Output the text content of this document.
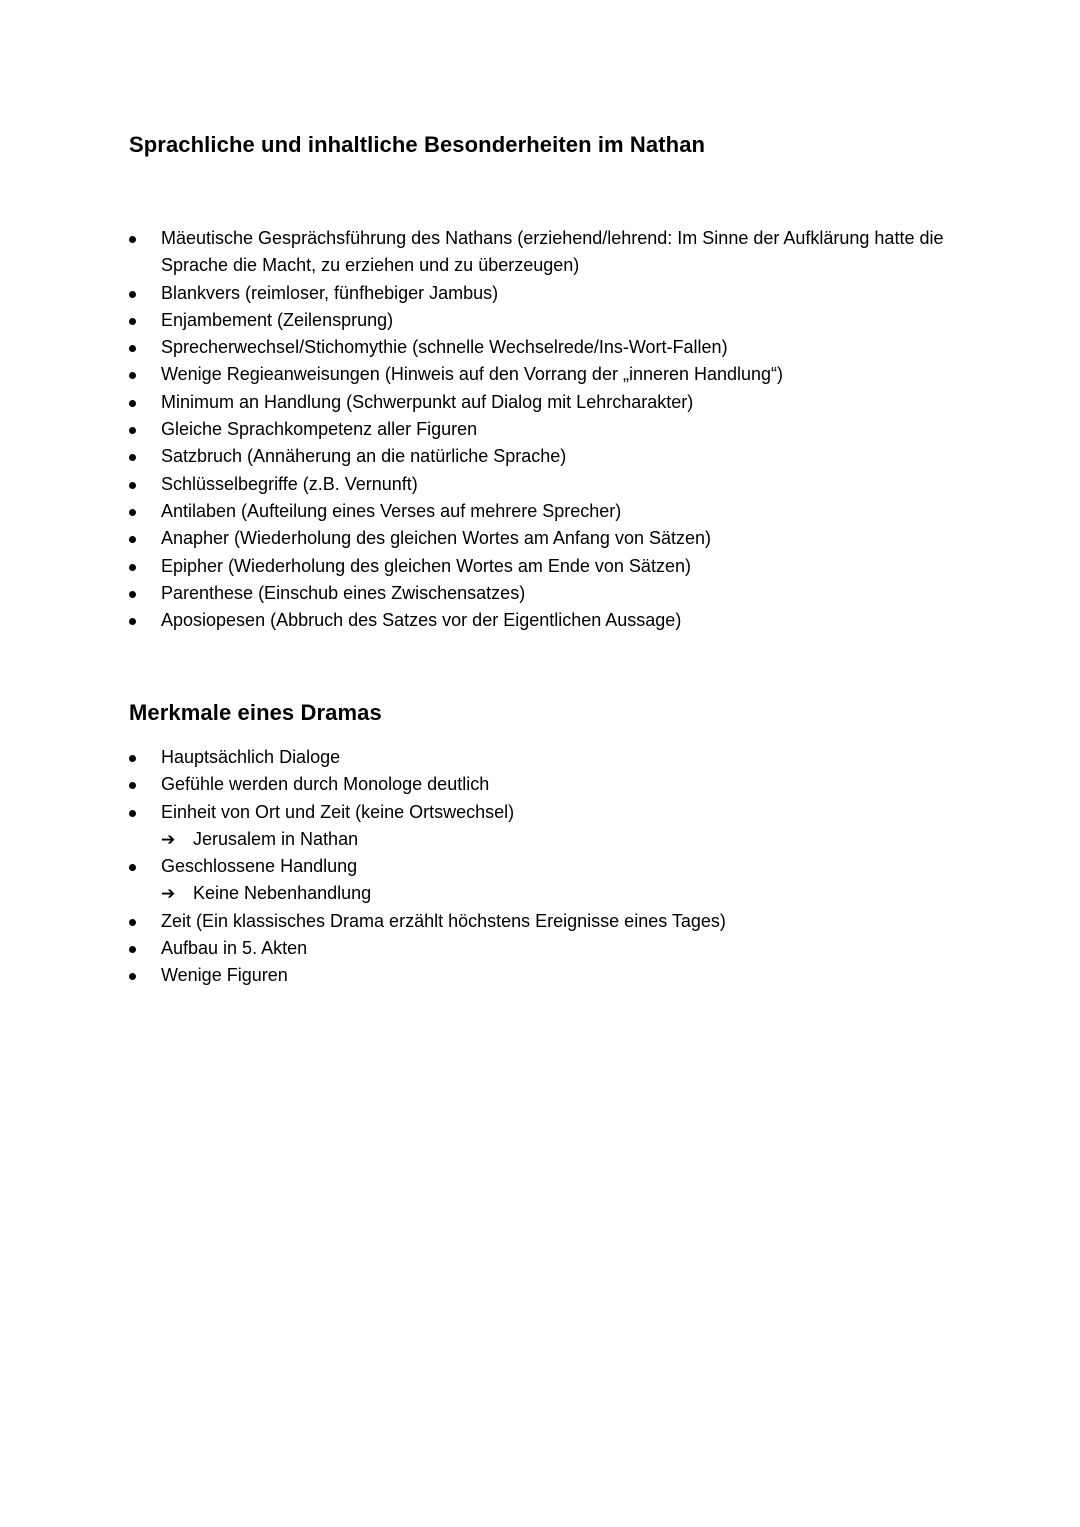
Sprachliche und inhaltliche Besonderheiten im Nathan
Mäeutische Gesprächsführung des Nathans (erziehend/lehrend: Im Sinne der Aufklärung hatte die Sprache die Macht, zu erziehen und zu überzeugen)
Blankvers (reimloser, fünfhebiger Jambus)
Enjambement (Zeilensprung)
Sprecherwechsel/Stichomythie (schnelle Wechselrede/Ins-Wort-Fallen)
Wenige Regieanweisungen (Hinweis auf den Vorrang der „inneren Handlung“)
Minimum an Handlung (Schwerpunkt auf Dialog mit Lehrcharakter)
Gleiche Sprachkompetenz aller Figuren
Satzbruch (Annäherung an die natürliche Sprache)
Schlüsselbegriffe (z.B. Vernunft)
Antilaben (Aufteilung eines Verses auf mehrere Sprecher)
Anapher (Wiederholung des gleichen Wortes am Anfang von Sätzen)
Epipher (Wiederholung des gleichen Wortes am Ende von Sätzen)
Parenthese (Einschub eines Zwischensatzes)
Aposiopesen (Abbruch des Satzes vor der Eigentlichen Aussage)
Merkmale eines Dramas
Hauptsächlich Dialoge
Gefühle werden durch Monologe deutlich
Einheit von Ort und Zeit (keine Ortswechsel)
➔ Jerusalem in Nathan
Geschlossene Handlung
➔ Keine Nebenhandlung
Zeit (Ein klassisches Drama erzählt höchstens Ereignisse eines Tages)
Aufbau in 5. Akten
Wenige Figuren
